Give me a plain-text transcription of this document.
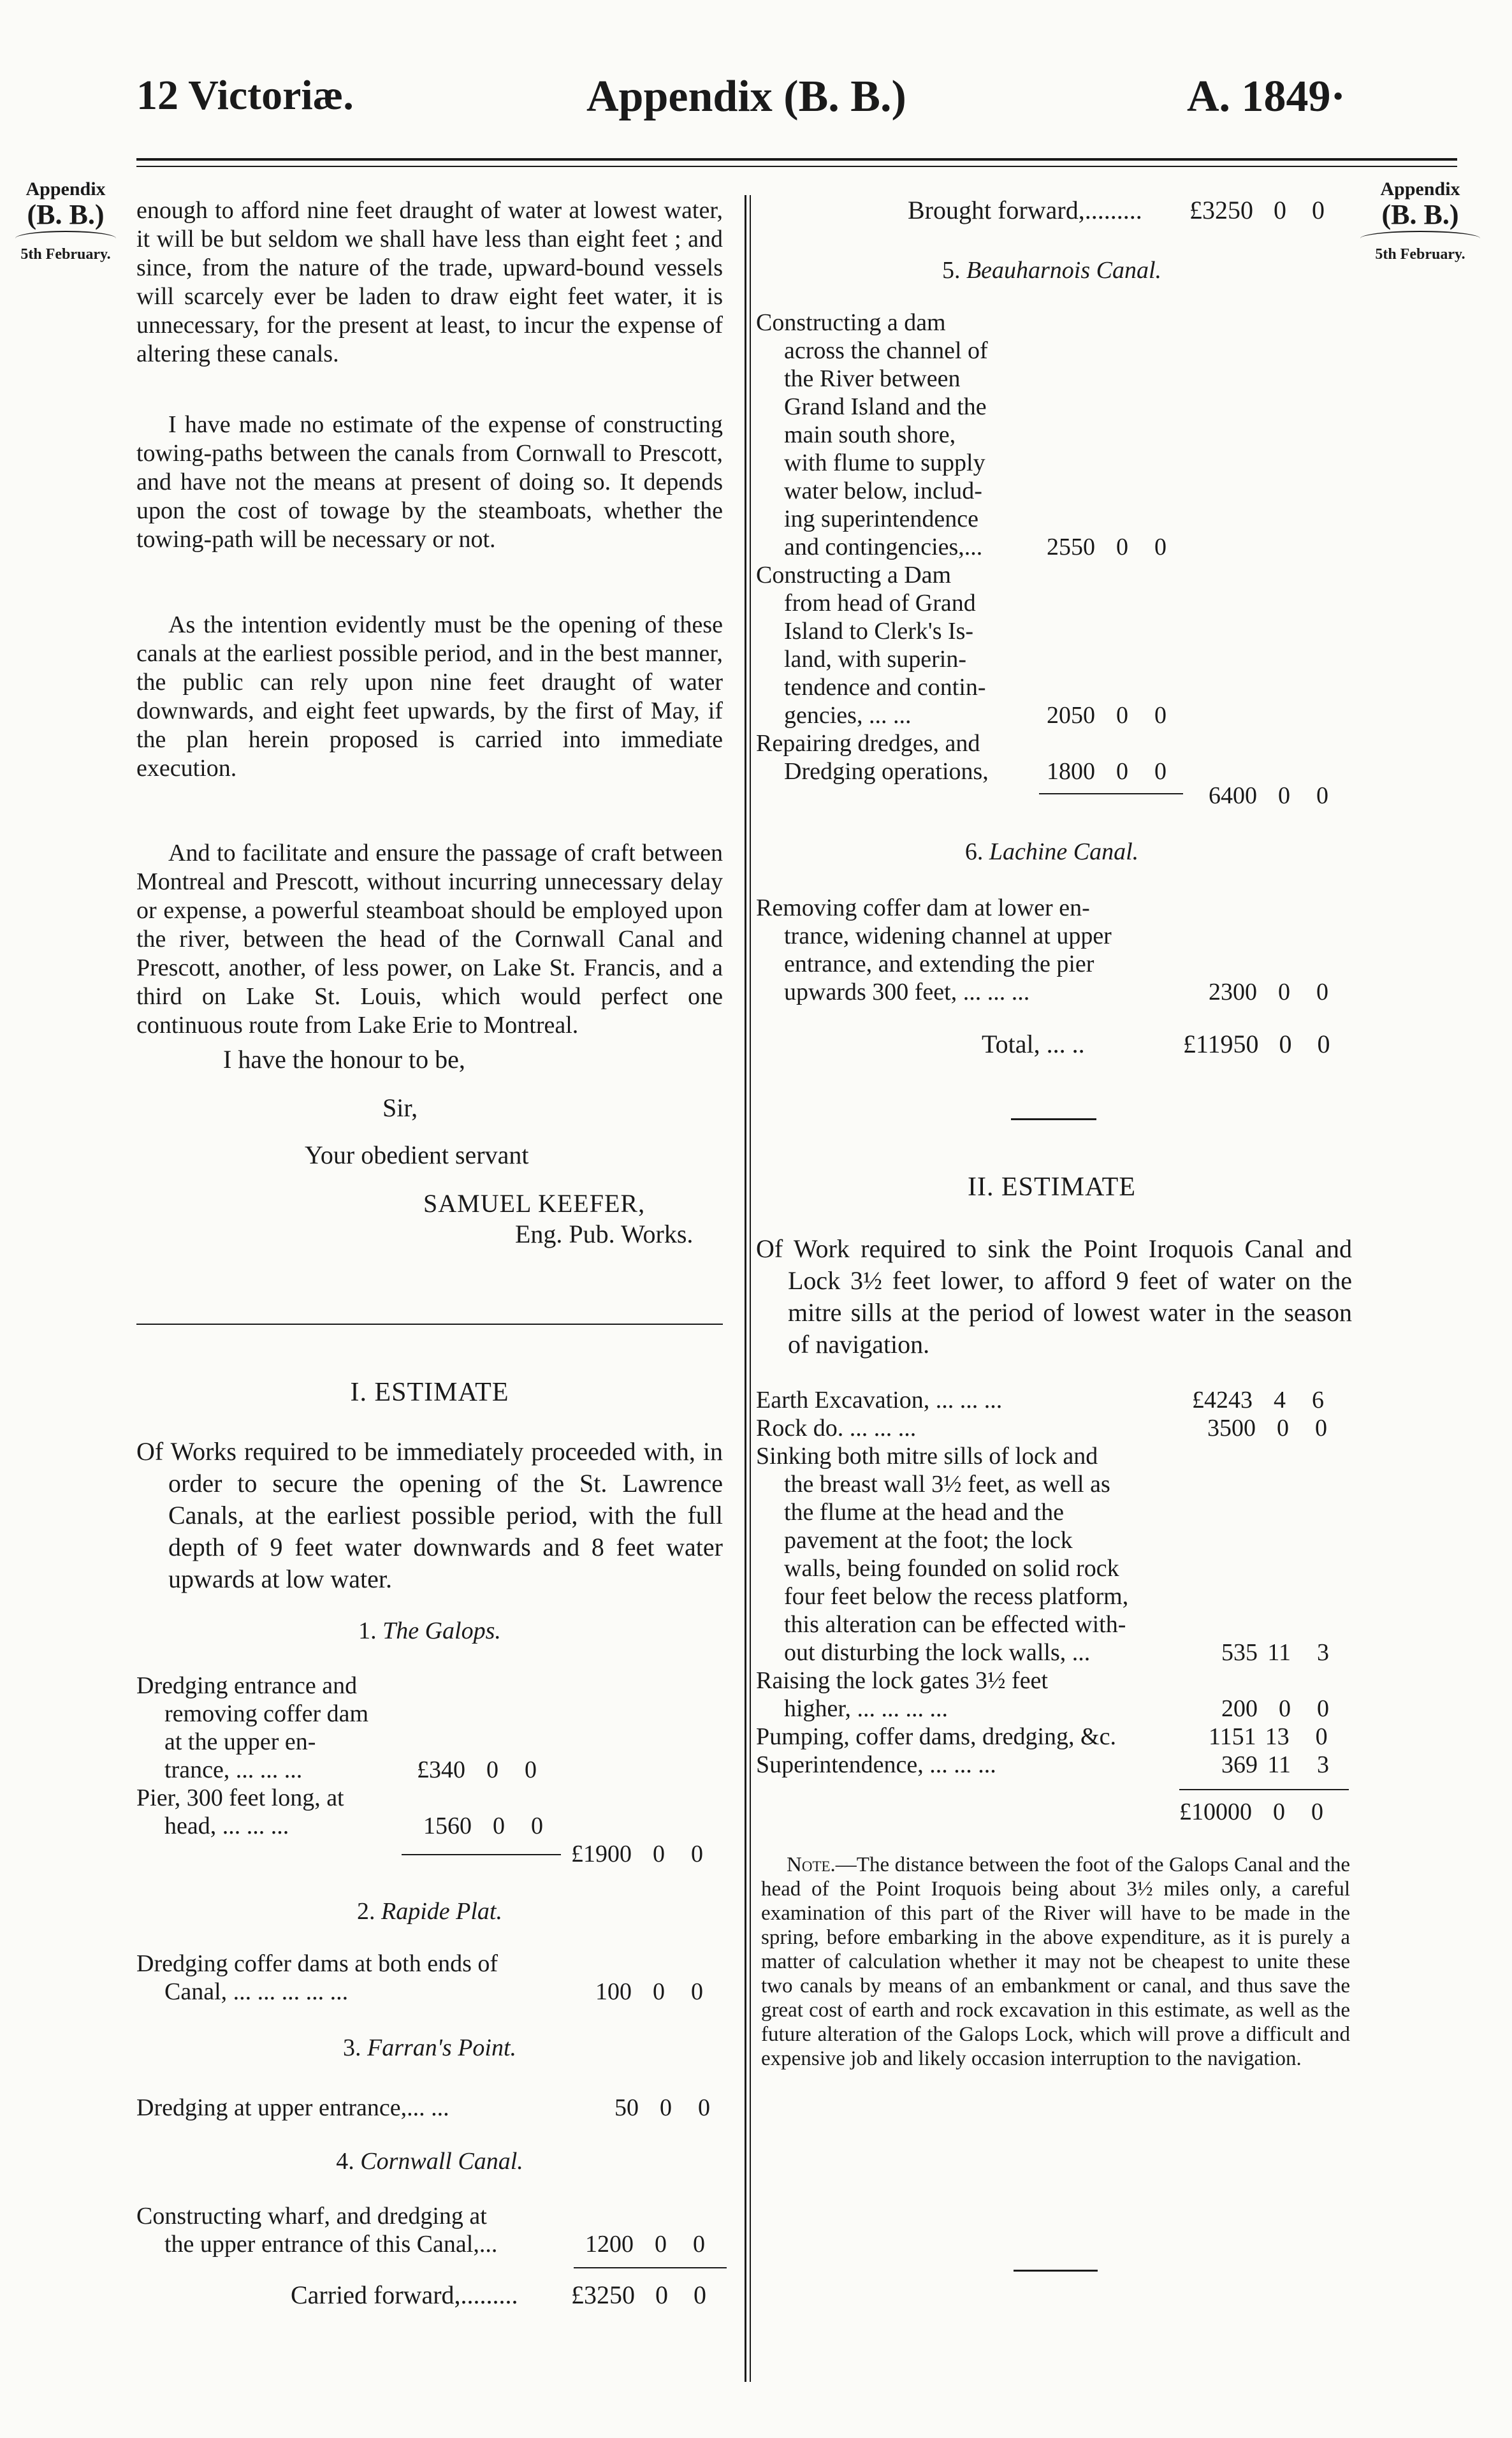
12 Victoriæ.	Appendix (B. B.)	A. 1849·
Appendix
(B. B.)
5th February.
Appendix
(B. B.)
5th February.
enough to afford nine feet draught of water at lowest water, it will be but seldom we shall have less than eight feet ; and since, from the nature of the trade, upward-bound vessels will scarcely ever be laden to draw eight feet water, it is unnecessary, for the present at least, to incur the expense of altering these canals.
I have made no estimate of the expense of constructing towing-paths between the canals from Cornwall to Prescott, and have not the means at present of doing so. It depends upon the cost of towage by the steamboats, whether the towing-path will be necessary or not.
As the intention evidently must be the opening of these canals at the earliest possible period, and in the best manner, the public can rely upon nine feet draught of water downwards, and eight feet upwards, by the first of May, if the plan herein proposed is carried into immediate execution.
And to facilitate and ensure the passage of craft between Montreal and Prescott, without incurring unnecessary delay or expense, a powerful steamboat should be employed upon the river, between the head of the Cornwall Canal and Prescott, another, of less power, on Lake St. Francis, and a third on Lake St. Louis, which would perfect one continuous route from Lake Erie to Montreal.
I have the honour to be,
Sir,
Your obedient servant
SAMUEL KEEFER,
Eng. Pub. Works.
I. ESTIMATE
Of Works required to be immediately proceeded with, in order to secure the opening of the St. Lawrence Canals, at the earliest possible period, with the full depth of 9 feet water downwards and 8 feet water upwards at low water.
1. The Galops.
Dredging entrance and
removing coffer dam
at the upper en-
trance, ... ... ...	£340 0 0
Pier, 300 feet long, at
head, ... ... ...	1560 0 0
£1900 0 0
2. Rapide Plat.
Dredging coffer dams at both ends of
Canal, ... ... ... ... ...	100 0 0
3. Farran's Point.
Dredging at upper entrance,... ...	50 0 0
4. Cornwall Canal.
Constructing wharf, and dredging at
the upper entrance of this Canal,...	1200 0 0
Carried forward,......... £3250 0 0
Brought forward,......... £3250 0 0
5. Beauharnois Canal.
Constructing a dam
across the channel of
the River between
Grand Island and the
main south shore,
with flume to supply
water below, includ-
ing superintendence
and contingencies,...	2550 0 0
Constructing a Dam
from head of Grand
Island to Clerk's Is-
land, with superin-
tendence and contin-
gencies, ... ...	2050 0 0
Repairing dredges, and
Dredging operations,	1800 0 0
6400 0 0
6. Lachine Canal.
Removing coffer dam at lower en-
trance, widening channel at upper
entrance, and extending the pier
upwards 300 feet, ... ... ...	2300 0 0
Total, ... ..	£11950 0 0
II. ESTIMATE
Of Work required to sink the Point Iroquois Canal and Lock 3½ feet lower, to afford 9 feet of water on the mitre sills at the period of lowest water in the season of navigation.
Earth Excavation, ... ... ...	£4243 4 6
Rock do. ... ... ...	3500 0 0
Sinking both mitre sills of lock and
the breast wall 3½ feet, as well as
the flume at the head and the
pavement at the foot; the lock
walls, being founded on solid rock
four feet below the recess platform,
this alteration can be effected with-
out disturbing the lock walls, ...	535 11 3
Raising the lock gates 3½ feet
higher, ... ... ... ...	200 0 0
Pumping, coffer dams, dredging, &c.	1151 13 0
Superintendence, ... ... ...	369 11 3
£10000 0 0
Note.—The distance between the foot of the Galops Canal and the head of the Point Iroquois being about 3½ miles only, a careful examination of this part of the River will have to be made in the spring, before embarking in the above expenditure, as it is purely a matter of calculation whether it may not be cheapest to unite these two canals by means of an embankment or canal, and thus save the great cost of earth and rock excavation in this estimate, as well as the future alteration of the Galops Lock, which will prove a difficult and expensive job and likely occasion interruption to the navigation.
